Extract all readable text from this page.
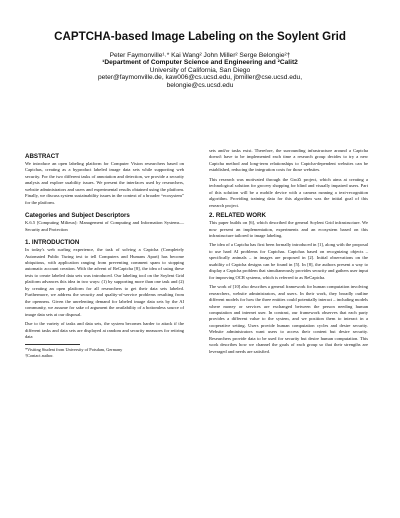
CAPTCHA-based Image Labeling on the Soylent Grid
Peter Faymonville¹˒* Kai Wang² John Miller² Serge Belongie²†
¹Department of Computer Science and Engineering and ²Calit2
University of California, San Diego
peter@faymonville.de, kaw006@cs.ucsd.edu, jbmiller@cse.ucsd.edu,
belongie@cs.ucsd.edu
ABSTRACT

We introduce an open labeling platform for Computer Vision researchers based on Captchas, creating as a byproduct labeled image data sets while supporting web security. For the two different tasks of annotation and detection, we provide a security analysis and explore usability issues. We present the interfaces used by researchers, website administrators and users and experimental results obtained using the platform. Finally, we discuss system sustainability issues in the context of a broader “ecosystem” for the platform.

Categories and Subject Descriptors

K.6.5 [Computing Milieux]: Management of Computing and Information Systems—Security and Protection

1. INTRODUCTION

In today's web surfing experience, the task of solving a Captcha (Completely Automated Public Turing test to tell Computers and Humans Apart) has become ubiquitous, with application ranging from preventing comment spam to stopping automatic account creation. With the advent of ReCaptcha [8], the idea of using these tests to create labeled data sets was introduced. Our labeling tool on the Soylent Grid platform advances this idea in two ways: (1) by supporting more than one task and (2) by creating an open platform for all researchers to get their data sets labeled. Furthermore, we address the security and quality-of-service problems resulting from the openness. Given the unrelenting demand for labeled image data sets by the AI community, we assume for sake of argument the availability of a bottomless source of image data sets at our disposal.

Due to the variety of tasks and data sets, the system becomes harder to attack if the different tasks and data sets are displayed at random and security measures for retiring data

*Visiting Student from University of Potsdam, Germany

†Contact author.

sets and/or tasks exist. Therefore, the surrounding infrastructure around a Captcha doesn't have to be implemented each time a research group decides to try a new Captcha method and long-term relationships to Captcha-dependent websites can be established, reducing the integration costs for those websites.

This research was motivated through the GroZi project, which aims at creating a technological solution for grocery shopping for blind and visually impaired users. Part of this solution will be a mobile device with a camera running a text-recognition algorithm. Providing training data for this algorithm was the initial goal of this research project.

2. RELATED WORK

This paper builds on [6], which described the general Soylent Grid infrastructure. We now present an implementation, experiments and an ecosystem based on this infrastructure tailored to image labeling.

The idea of a Captcha has first been formally introduced in [1], along with the proposal to use hard AI problems for Captchas. Captchas based on recognizing objects – specifically animals – in images are proposed in [2]. Initial observations on the usability of Captcha designs can be found in [5]. In [8], the authors present a way to display a Captcha problem that simultaneously provides security and gathers user input for improving OCR systems, which is referred to as ReCaptcha.

The work of [10] also describes a general framework for human computation involving researchers, website administrators, and users. In their work, they broadly outline different models for how the three entities could potentially interact – including models where money or services are exchanged between the person needing human computation and internet user. In contrast, our framework observes that each party provides a different value to the system, and we position them to interact in a cooperative setting. Users provide human computation cycles and desire security. Website administrators want users to access their content but desire security. Researchers provide data to be used for security but desire human computation. This work describes how we channel the goals of each group so that their strengths are leveraged and needs are satisfied.
